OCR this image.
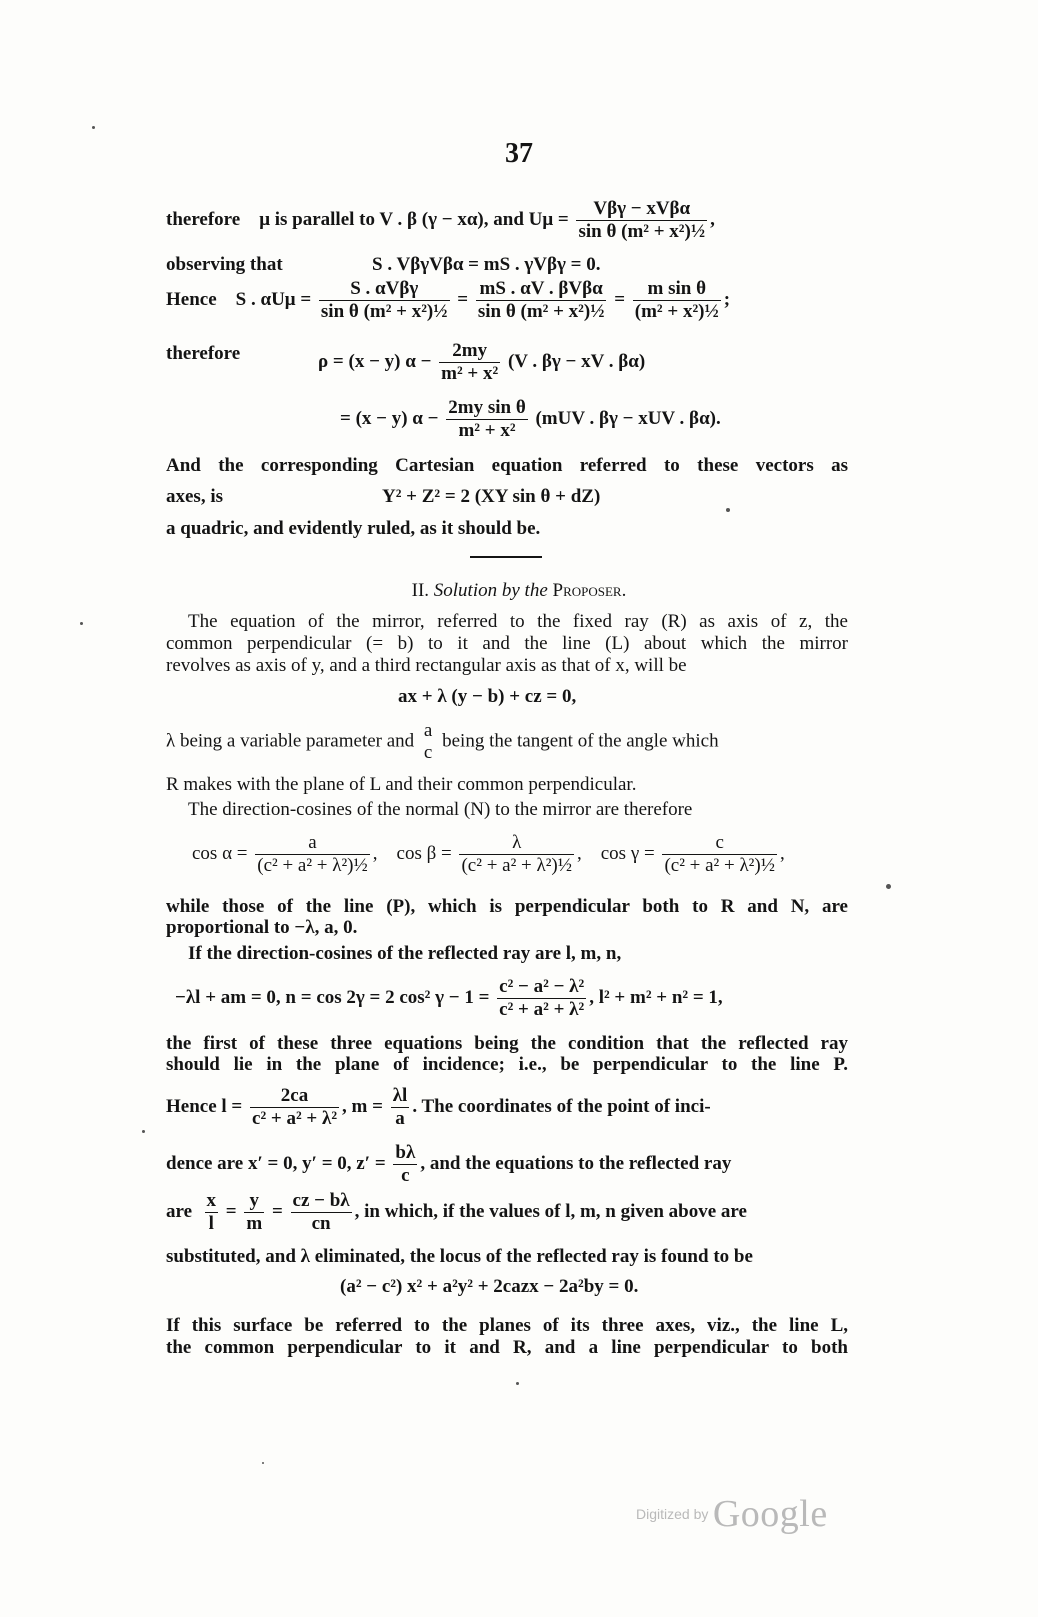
37
therefore μ is parallel to V . β (γ − xα), and Uμ =
Vβγ − xVβα
sin θ (m² + x²)½
,
observing that	S . VβγVβα = mS . γVβγ = 0.
Hence S . αUμ =
S . αVβγ
sin θ (m² + x²)½
=
mS . αV . βVβα
sin θ (m² + x²)½
= $\frac{\text{m sin θ}}{\text{(m² + x²)½}}$ ;
therefore	ρ = (x − y) $\alpha - \frac{2my}{\text{m² + x²}} (V$ . βγ − xV . βα)
= (x − y) $\alpha - \frac{\text{2my sin θ}}{\text{m² + x²}} (mUV$ . βγ − xUV . βα).
And the corresponding Cartesian equation referred to these vectors as
axes, is	Y² + Z² = 2 (XY sin θ + dZ)
a quadric, and evidently ruled, as it should be.
II. Solution by the Proposer.
The equation of the mirror, referred to the fixed ray (R) as axis of z, the
common perpendicular (= b) to it and the line (L) about which the mirror
revolves as axis of y, and a third rectangular axis as that of x, will be
ax + λ (y − b) + cz = 0,
λ being a variable parameter and a
c
being the tangent of the angle which
R makes with the plane of L and their common perpendicular.
The direction-cosines of the normal (N) to the mirror are therefore
$\cos \alpha = \frac{a}{\text{(c² + a² + λ²)½}}$ ,    $\cos \beta = \frac{\lambda}{\text{(c² + a² + λ²)½}}$ ,    $\cos \gamma = \frac{c}{\text{(c² + a² + λ²)½}}$ ,
while those of the line (P), which is perpendicular both to R and N, are
proportional to −λ, a, 0.
If the direction-cosines of the reflected ray are l, m, n,
−λl + am = 0, n = cos 2γ = 2 cos² $\gamma - 1 = \frac{\text{c² − a² − λ²}}{\text{c² + a² + λ²}}$ , l² + m² + n² = 1,
the first of these three equations being the condition that the reflected ray
should lie in the plane of incidence; i.e., be perpendicular to the line P.
Hence $l = \frac{2ca}{\text{c² + a² + λ²}}$ , $m = \frac{\lambda l}{a}$ . The coordinates of the point of inci-
dence are x′ = 0, y′ = 0, $z' = \frac{b\lambda}{c}$ , and the equations to the reflected ray
are $\frac{x}{l} = \frac{y}{m} = \frac{cz - b\lambda}{cn}$ , in which, if the values of l, m, n given above are
substituted, and λ eliminated, the locus of the reflected ray is found to be
(a² − c²) x² + a²y² + 2cazx − 2a²by = 0.
If this surface be referred to the planes of its three axes, viz., the line L,
the common perpendicular to it and R, and a line perpendicular to both
Digitized by Google
